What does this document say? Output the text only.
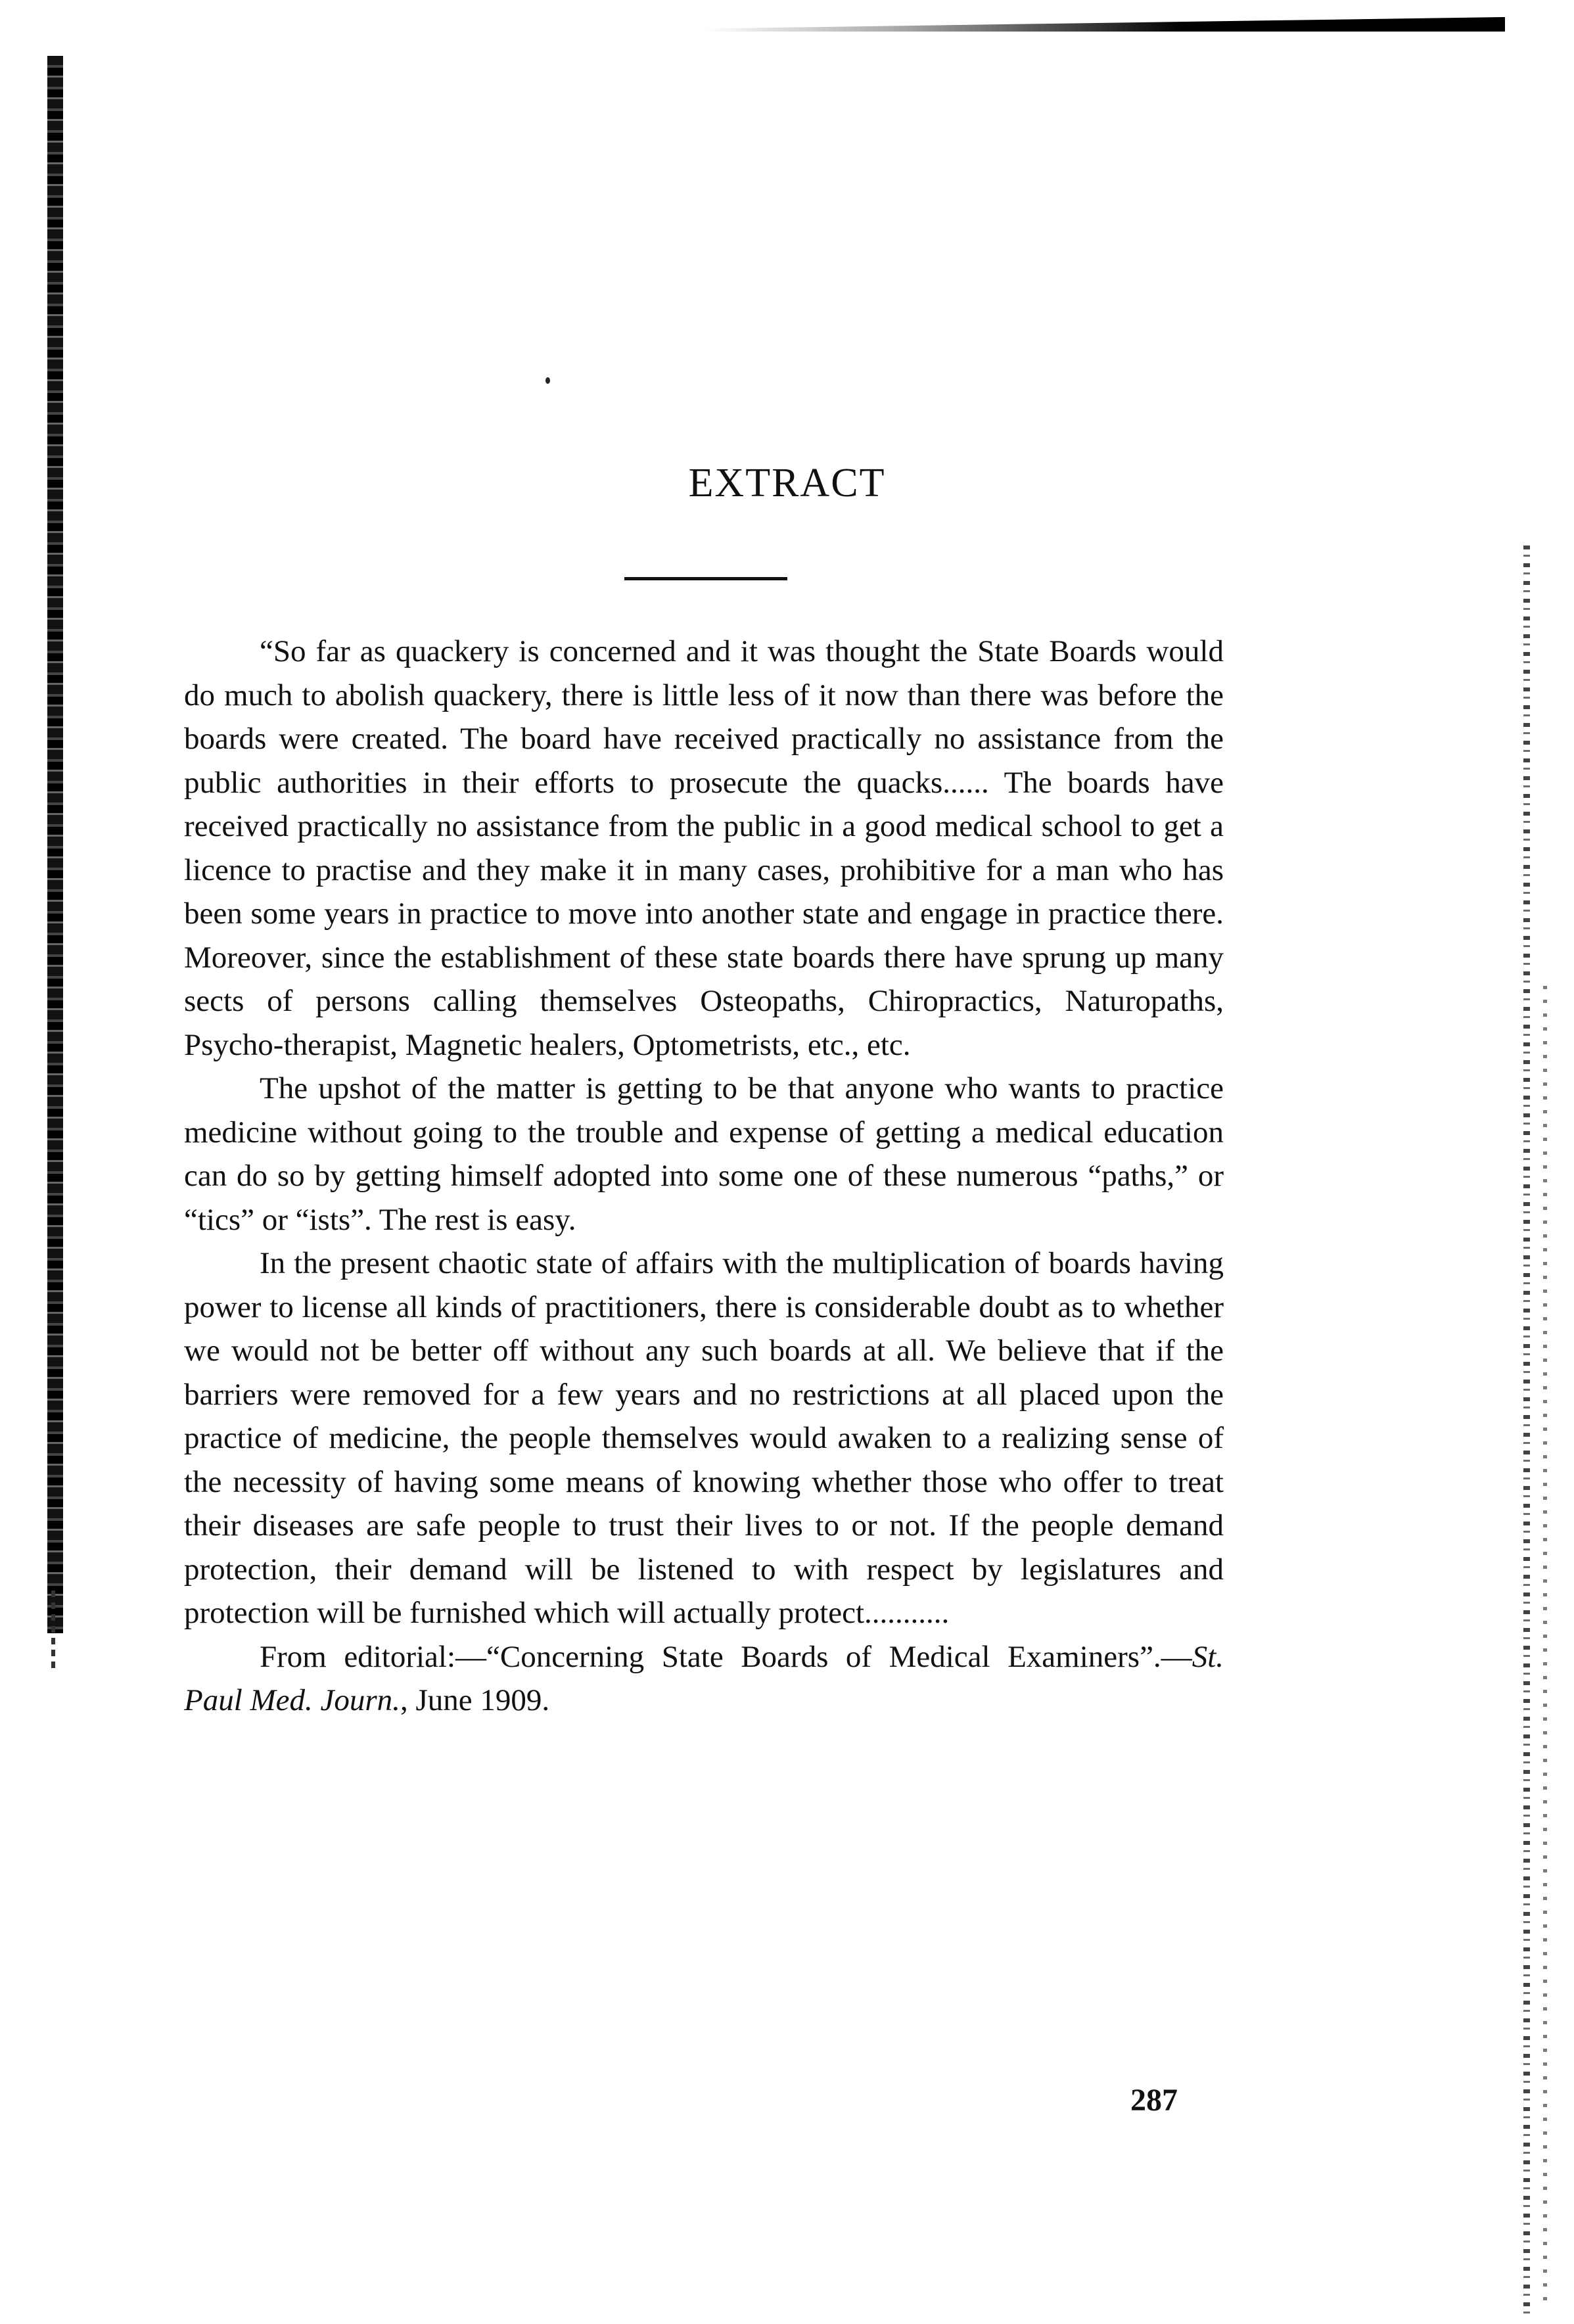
EXTRACT

“So far as quackery is concerned and it was thought the State Boards would do much to abolish quackery, there is little less of it now than there was before the boards were created. The board have received practically no assistance from the public authorities in their efforts to prosecute the quacks...... The boards have received practically no assistance from the public in a good medical school to get a licence to practise and they make it in many cases, prohibitive for a man who has been some years in practice to move into another state and engage in practice there. Moreover, since the establishment of these state boards there have sprung up many sects of persons calling themselves Osteopaths, Chiropractics, Naturopaths, Psycho-therapist, Magnetic healers, Optometrists, etc., etc.

The upshot of the matter is getting to be that anyone who wants to practice medicine without going to the trouble and expense of getting a medical education can do so by getting himself adopted into some one of these numerous “paths,” or “tics” or “ists”. The rest is easy.

In the present chaotic state of affairs with the multiplication of boards having power to license all kinds of practitioners, there is considerable doubt as to whether we would not be better off without any such boards at all. We believe that if the barriers were removed for a few years and no restrictions at all placed upon the practice of medicine, the people themselves would awaken to a realizing sense of the necessity of having some means of knowing whether those who offer to treat their diseases are safe people to trust their lives to or not. If the people demand protection, their demand will be listened to with respect by legislatures and protection will be furnished which will actually protect...........

From editorial:—“Concerning State Boards of Medical Examiners”.—St. Paul Med. Journ., June 1909.

287
